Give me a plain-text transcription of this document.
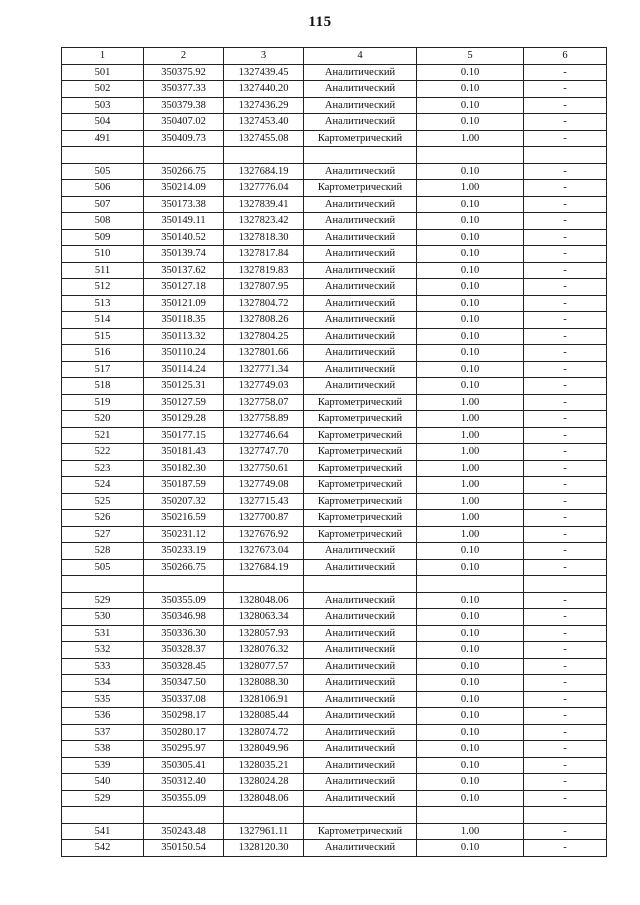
115
1	2	3	4	5	6
501	350375.92	1327439.45	Аналитический	0.10	-
502	350377.33	1327440.20	Аналитический	0.10	-
503	350379.38	1327436.29	Аналитический	0.10	-
504	350407.02	1327453.40	Аналитический	0.10	-
491	350409.73	1327455.08	Картометрический	1.00	-

505	350266.75	1327684.19	Аналитический	0.10	-
506	350214.09	1327776.04	Картометрический	1.00	-
507	350173.38	1327839.41	Аналитический	0.10	-
508	350149.11	1327823.42	Аналитический	0.10	-
509	350140.52	1327818.30	Аналитический	0.10	-
510	350139.74	1327817.84	Аналитический	0.10	-
511	350137.62	1327819.83	Аналитический	0.10	-
512	350127.18	1327807.95	Аналитический	0.10	-
513	350121.09	1327804.72	Аналитический	0.10	-
514	350118.35	1327808.26	Аналитический	0.10	-
515	350113.32	1327804.25	Аналитический	0.10	-
516	350110.24	1327801.66	Аналитический	0.10	-
517	350114.24	1327771.34	Аналитический	0.10	-
518	350125.31	1327749.03	Аналитический	0.10	-
519	350127.59	1327758.07	Картометрический	1.00	-
520	350129.28	1327758.89	Картометрический	1.00	-
521	350177.15	1327746.64	Картометрический	1.00	-
522	350181.43	1327747.70	Картометрический	1.00	-
523	350182.30	1327750.61	Картометрический	1.00	-
524	350187.59	1327749.08	Картометрический	1.00	-
525	350207.32	1327715.43	Картометрический	1.00	-
526	350216.59	1327700.87	Картометрический	1.00	-
527	350231.12	1327676.92	Картометрический	1.00	-
528	350233.19	1327673.04	Аналитический	0.10	-
505	350266.75	1327684.19	Аналитический	0.10	-

529	350355.09	1328048.06	Аналитический	0.10	-
530	350346.98	1328063.34	Аналитический	0.10	-
531	350336.30	1328057.93	Аналитический	0.10	-
532	350328.37	1328076.32	Аналитический	0.10	-
533	350328.45	1328077.57	Аналитический	0.10	-
534	350347.50	1328088.30	Аналитический	0.10	-
535	350337.08	1328106.91	Аналитический	0.10	-
536	350298.17	1328085.44	Аналитический	0.10	-
537	350280.17	1328074.72	Аналитический	0.10	-
538	350295.97	1328049.96	Аналитический	0.10	-
539	350305.41	1328035.21	Аналитический	0.10	-
540	350312.40	1328024.28	Аналитический	0.10	-
529	350355.09	1328048.06	Аналитический	0.10	-

541	350243.48	1327961.11	Картометрический	1.00	-
542	350150.54	1328120.30	Аналитический	0.10	-
